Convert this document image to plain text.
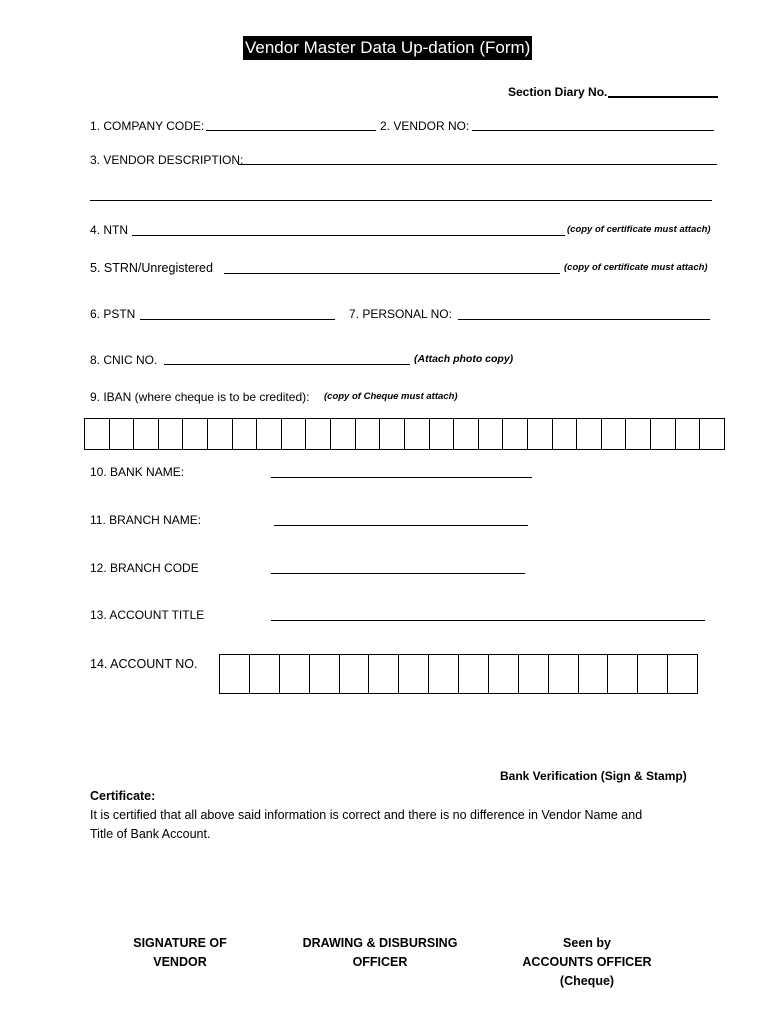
Vendor Master Data Up-dation (Form)
Section Diary No.
1. COMPANY CODE:	2. VENDOR NO:
3. VENDOR DESCRIPTION:
4. NTN	(copy of certificate must attach)
5. STRN/Unregistered	(copy of certificate must attach)
6. PSTN	7. PERSONAL NO:
8. CNIC NO.	(Attach photo copy)
9. IBAN (where cheque is to be credited): (copy of Cheque must attach)
10. BANK NAME:
11. BRANCH NAME:
12. BRANCH CODE
13. ACCOUNT TITLE
14. ACCOUNT NO.
Bank Verification (Sign & Stamp)
Certificate:
It is certified that all above said information is correct and there is no difference in Vendor Name and
Title of Bank Account.
SIGNATURE OF
VENDOR
DRAWING & DISBURSING
OFFICER
Seen by
ACCOUNTS OFFICER
(Cheque)
